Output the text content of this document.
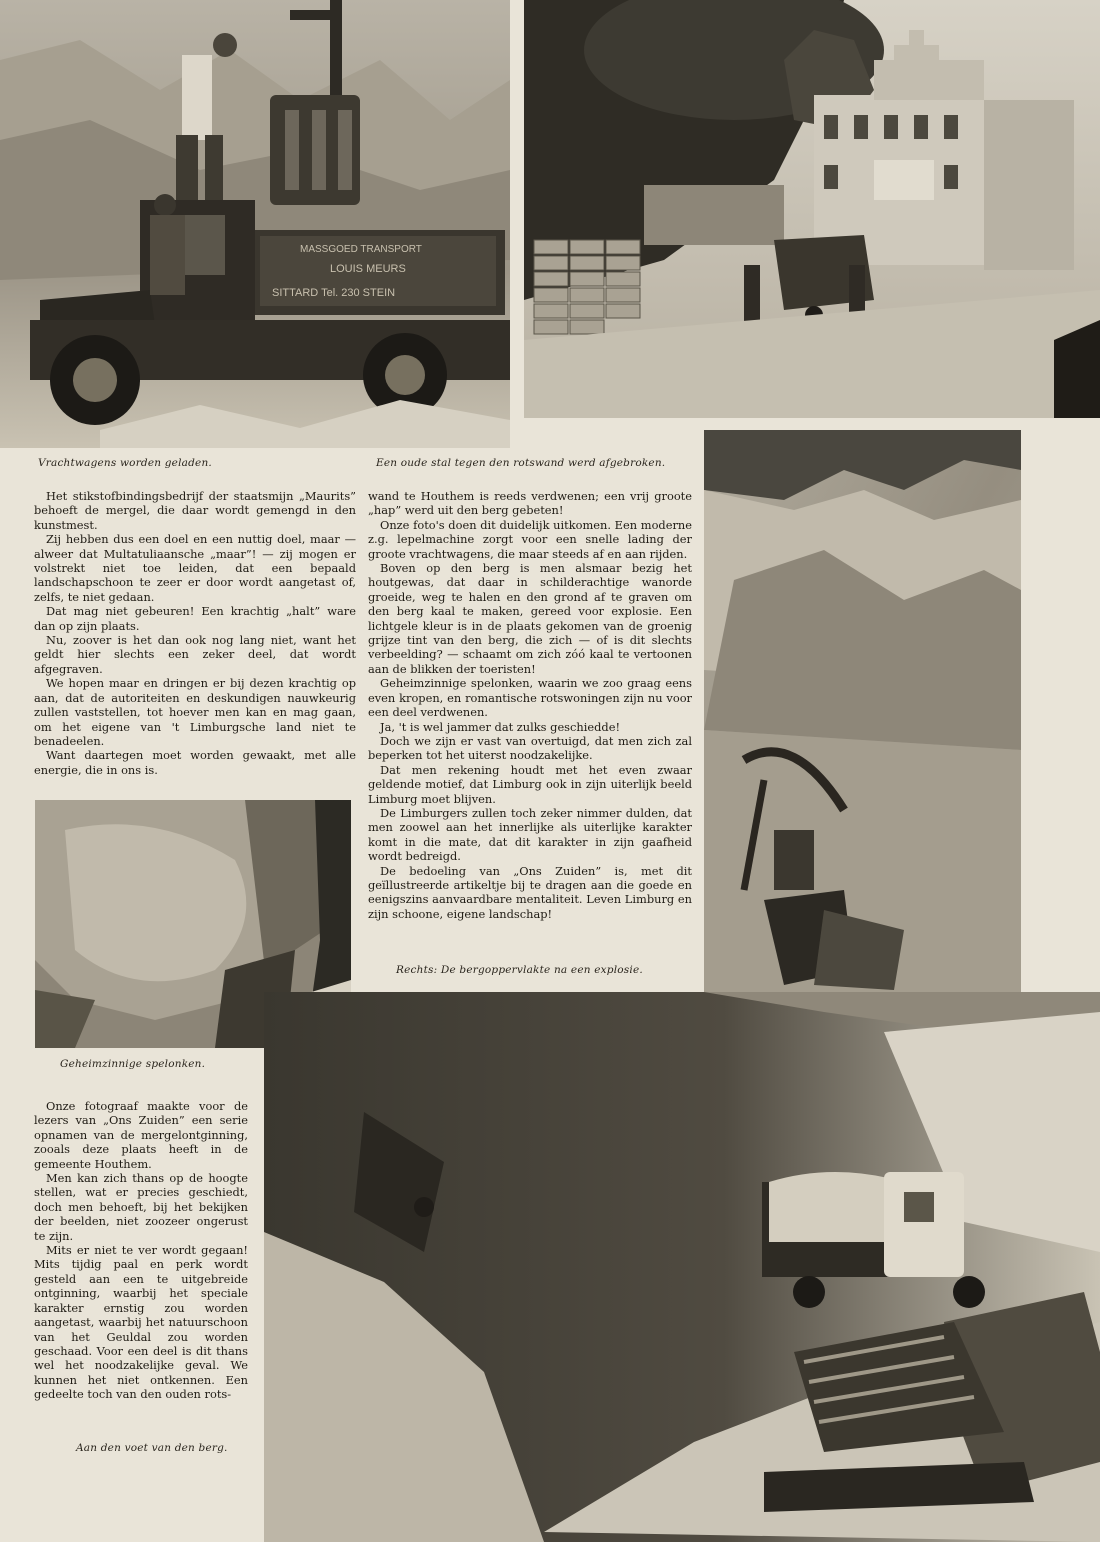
MASSGOED TRANSPORT
LOUIS MEURS
SITTARD Tel. 230 STEIN
Vrachtwagens worden geladen.	Een oude stal tegen den rotswand werd afgebroken.
Geheimzinnige spelonken.
Rechts: De bergoppervlakte na een explosie.
Aan den voet van den berg.

Het stikstofbindingsbedrijf der staatsmijn „Maurits” behoeft de mergel, die daar wordt gemengd in den kunstmest.

Zij hebben dus een doel en een nuttig doel, maar — alweer dat Multatuliaansche „maar”! — zij mogen er volstrekt niet toe leiden, dat een bepaald landschapschoon te zeer er door wordt aangetast of, zelfs, te niet gedaan.

Dat mag niet gebeuren! Een krachtig „halt” ware dan op zijn plaats.

Nu, zoover is het dan ook nog lang niet, want het geldt hier slechts een zeker deel, dat wordt afgegraven.

We hopen maar en dringen er bij dezen krachtig op aan, dat de autoriteiten en deskundigen nauwkeurig zullen vaststellen, tot hoever men kan en mag gaan, om het eigene van 't Limburgsche land niet te benadeelen.

Want daartegen moet worden gewaakt, met alle energie, die in ons is.

wand te Houthem is reeds verdwenen; een vrij groote „hap” werd uit den berg gebeten!

Onze foto's doen dit duidelijk uitkomen. Een moderne z.g. lepelmachine zorgt voor een snelle lading der groote vrachtwagens, die maar steeds af en aan rijden.

Boven op den berg is men alsmaar bezig het houtgewas, dat daar in schilderachtige wanorde groeide, weg te halen en den grond af te graven om den berg kaal te maken, gereed voor explosie. Een lichtgele kleur is in de plaats gekomen van de groenig grijze tint van den berg, die zich — of is dit slechts verbeelding? — schaamt om zich zóó kaal te vertoonen aan de blikken der toeristen!

Geheimzinnige spelonken, waarin we zoo graag eens even kropen, en romantische rotswoningen zijn nu voor een deel verdwenen.

Ja, 't is wel jammer dat zulks geschiedde!

Doch we zijn er vast van overtuigd, dat men zich zal beperken tot het uiterst noodzakelijke.

Dat men rekening houdt met het even zwaar geldende motief, dat Limburg ook in zijn uiterlijk beeld Limburg moet blijven.

De Limburgers zullen toch zeker nimmer dulden, dat men zoowel aan het innerlijke als uiterlijke karakter komt in die mate, dat dit karakter in zijn gaafheid wordt bedreigd.

De bedoeling van „Ons Zuiden” is, met dit geïllustreerde artikeltje bij te dragen aan die goede en eenigszins aanvaardbare mentaliteit. Leven Limburg en zijn schoone, eigene landschap!

Onze fotograaf maakte voor de lezers van „Ons Zuiden” een serie opnamen van de mergelontginning, zooals deze plaats heeft in de gemeente Houthem.

Men kan zich thans op de hoogte stellen, wat er precies geschiedt, doch men behoeft, bij het bekijken der beelden, niet zoozeer ongerust te zijn.

Mits er niet te ver wordt gegaan! Mits tijdig paal en perk wordt gesteld aan een te uitgebreide ontginning, waarbij het speciale karakter ernstig zou worden aangetast, waarbij het natuurschoon van het Geuldal zou worden geschaad. Voor een deel is dit thans wel het noodzakelijke geval. We kunnen het niet ontkennen. Een gedeelte toch van den ouden rots-
